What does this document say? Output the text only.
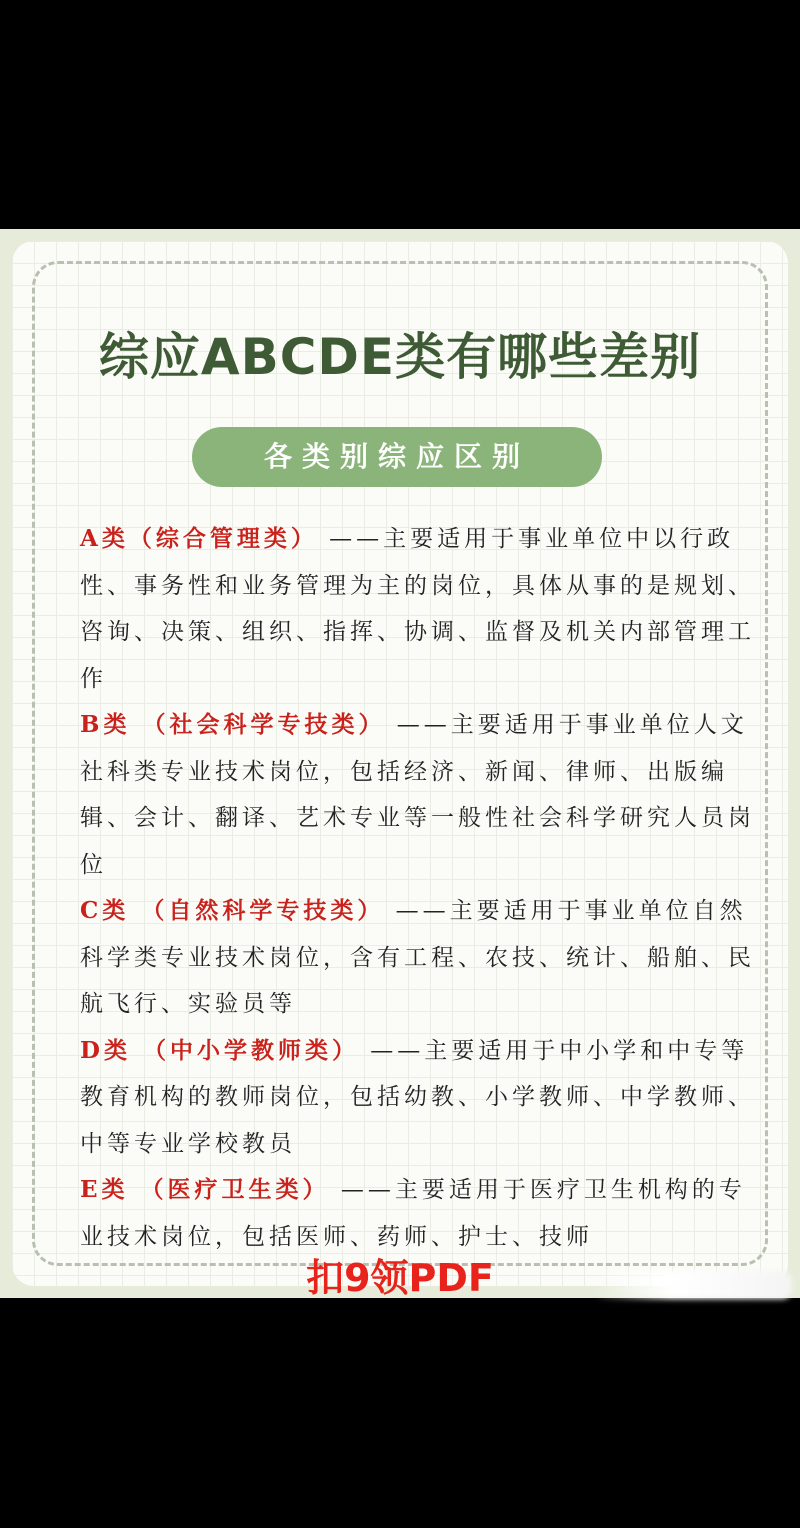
综应ABCDE类有哪些差别
各类别综应区别

A类（综合管理类） ——主要适用于事业单位中以行政性、事务性和业务管理为主的岗位，具体从事的是规划、咨询、决策、组织、指挥、协调、监督及机关内部管理工作

B类 （社会科学专技类） ——主要适用于事业单位人文社科类专业技术岗位，包括经济、新闻、律师、出版编辑、会计、翻译、艺术专业等一般性社会科学研究人员岗位

C类 （自然科学专技类） ——主要适用于事业单位自然科学类专业技术岗位，含有工程、农技、统计、船舶、民航飞行、实验员等

D类 （中小学教师类） ——主要适用于中小学和中专等教育机构的教师岗位，包括幼教、小学教师、中学教师、中等专业学校教员

E类 （医疗卫生类） ——主要适用于医疗卫生机构的专业技术岗位，包括医师、药师、护士、技师

扣9领PDF
